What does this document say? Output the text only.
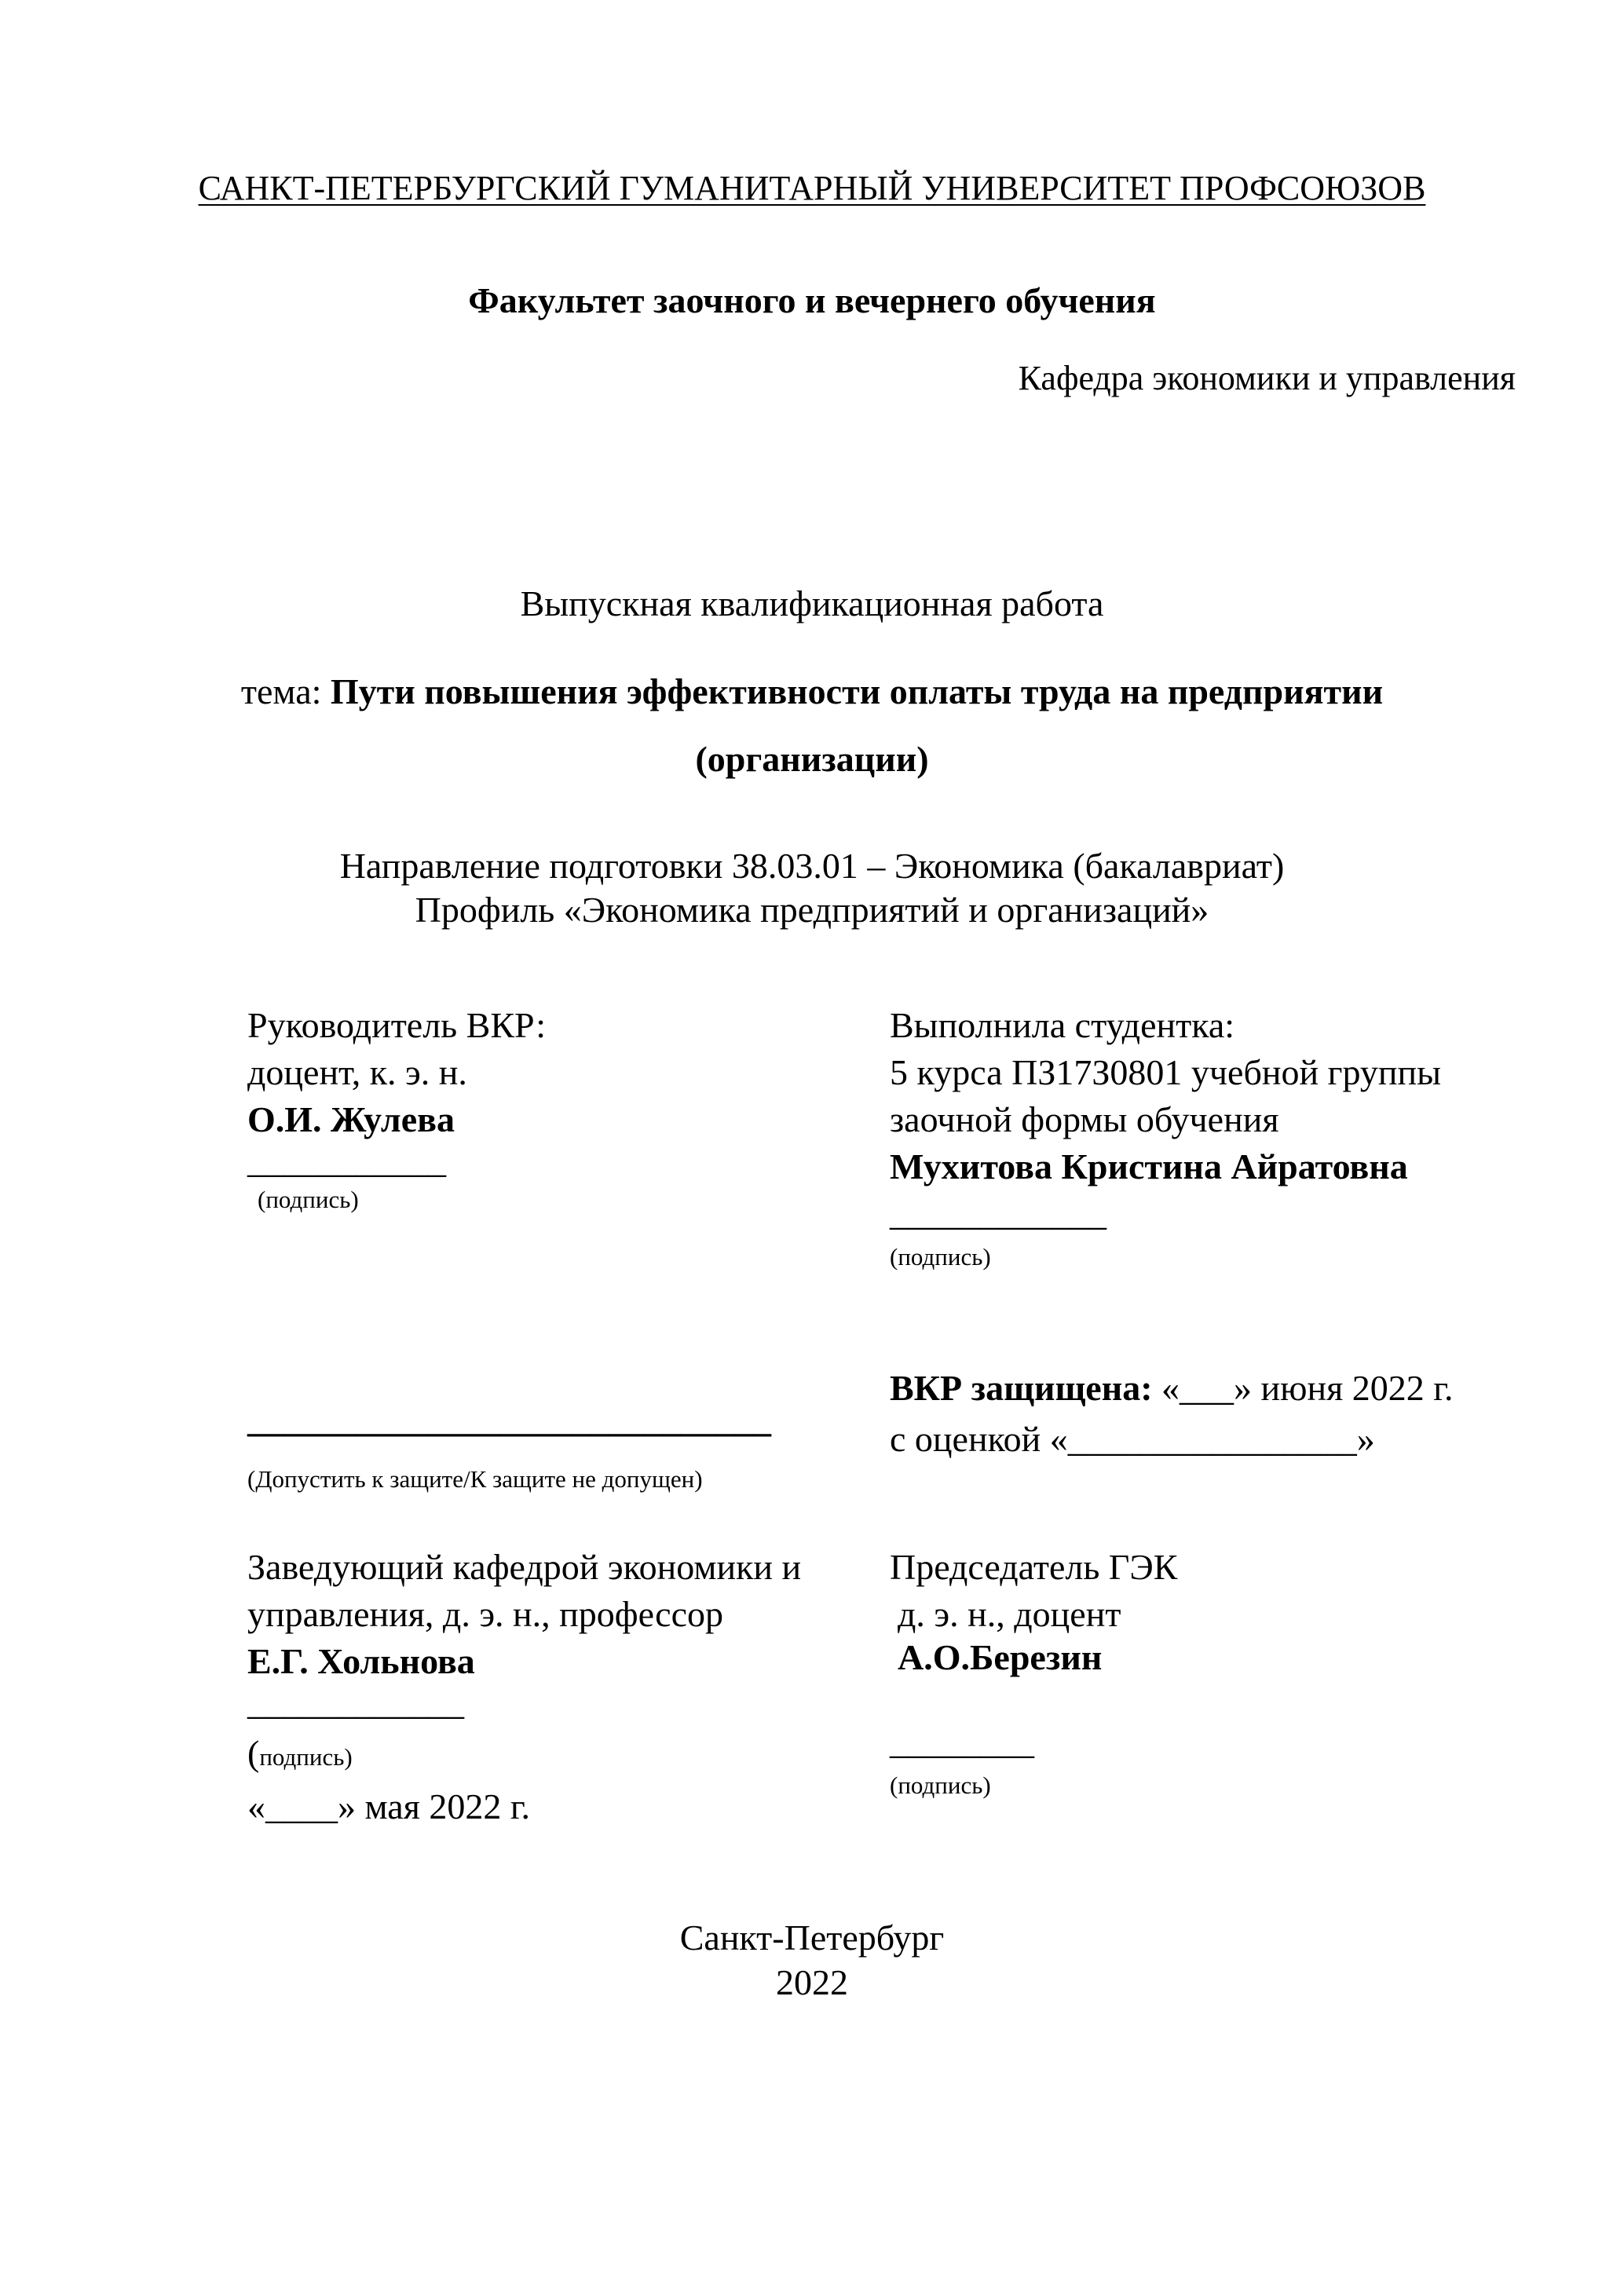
САНКТ-ПЕТЕРБУРГСКИЙ ГУМАНИТАРНЫЙ УНИВЕРСИТЕТ ПРОФСОЮЗОВ
Факультет заочного и вечернего обучения
Кафедра экономики и управления
Выпускная квалификационная работа
тема: Пути повышения эффективности оплаты труда на предприятии
(организации)
Направление подготовки 38.03.01 – Экономика (бакалавриат)
Профиль «Экономика предприятий и организаций»
Руководитель ВКР:
доцент, к. э. н.
О.И. Жулева
___________
(подпись)
Выполнила студентка:
5 курса ПЗ17З0801 учебной группы
заочной формы обучения
Мухитова Кристина Айратовна
____________
(подпись)
_____________________________
(Допустить к защите/К защите не допущен)
ВКР защищена: «___» июня 2022 г.
с оценкой «________________»
Заведующий кафедрой экономики и
управления, д. э. н., профессор
Е.Г. Хольнова
____________
(подпись)
«____» мая 2022 г.
Председатель ГЭК
д. э. н., доцент
А.О.Березин
________
(подпись)
Санкт-Петербург
2022
